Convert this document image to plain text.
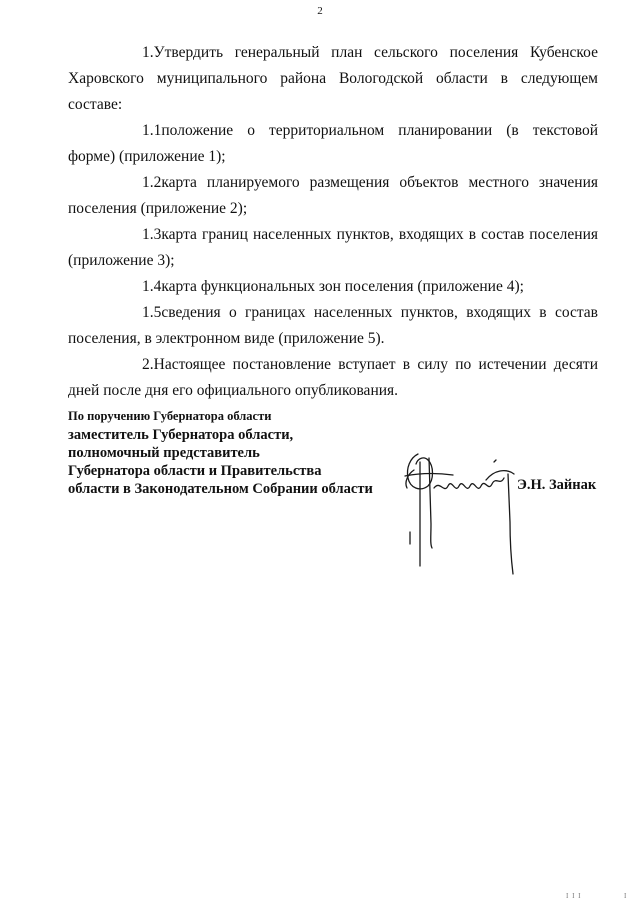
2

1.Утвердить генеральный план сельского поселения Кубенское Харовского муниципального района Вологодской области в следующем составе:

1.1положение о территориальном планировании (в текстовой форме) (приложение 1);

1.2карта планируемого размещения объектов местного значения поселения (приложение 2);

1.3карта границ населенных пунктов, входящих в состав поселения (приложение 3);

1.4карта функциональных зон поселения (приложение 4);

1.5сведения о границах населенных пунктов, входящих в состав поселения, в электронном виде (приложение 5).

2.Настоящее постановление вступает в силу по истечении десяти дней после дня его официального опубликования.

По поручению Губернатора области
заместитель Губернатора области,
полномочный представитель
Губернатора области и Правительства
области в Законодательном Собрании области	Э.Н. Зайнак
I I I	I
